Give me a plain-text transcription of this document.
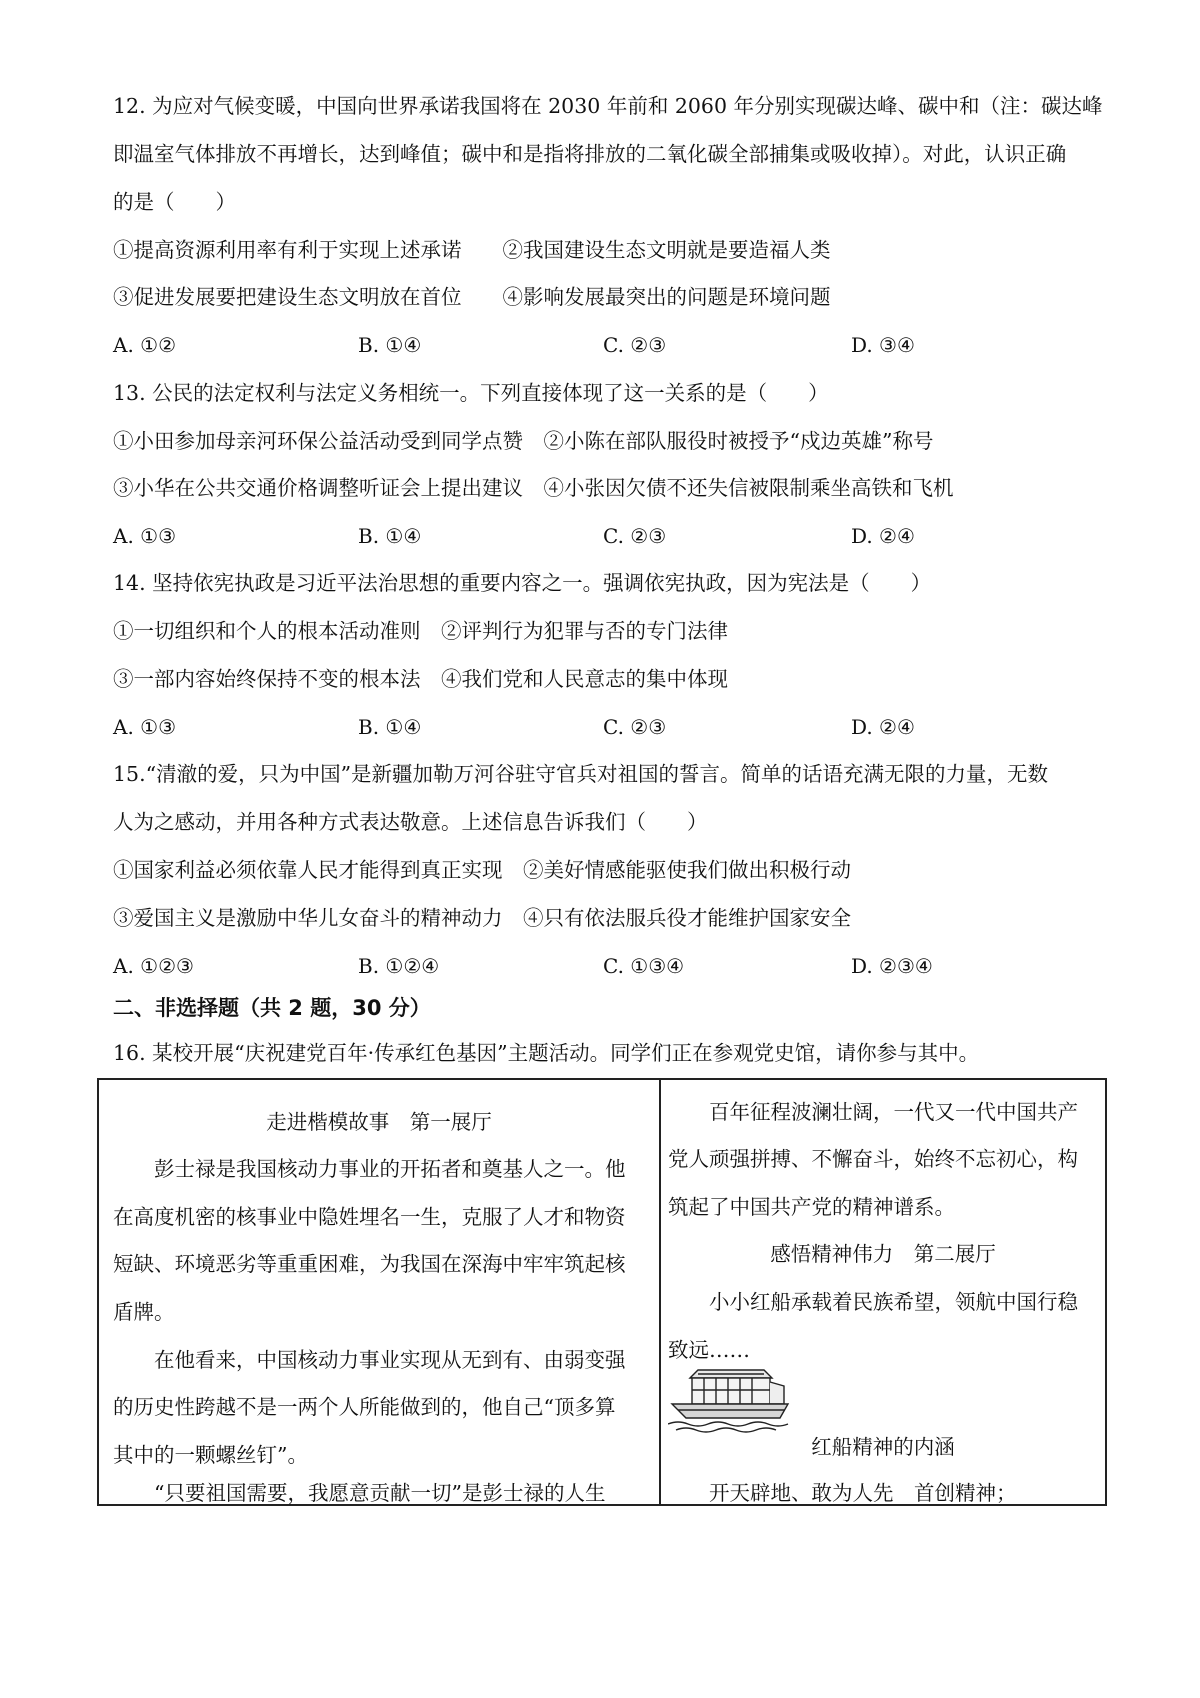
12. 为应对气候变暖，中国向世界承诺我国将在 2030 年前和 2060 年分别实现碳达峰、碳中和（注：碳达峰
即温室气体排放不再增长，达到峰值；碳中和是指将排放的二氧化碳全部捕集或吸收掉）。对此，认识正确
的是（　　）
①提高资源利用率有利于实现上述承诺　　②我国建设生态文明就是要造福人类
③促进发展要把建设生态文明放在首位　　④影响发展最突出的问题是环境问题
A. ①②	B. ①④	C. ②③	D. ③④
13. 公民的法定权利与法定义务相统一。下列直接体现了这一关系的是（　　）
①小田参加母亲河环保公益活动受到同学点赞　②小陈在部队服役时被授予“戍边英雄”称号
③小华在公共交通价格调整听证会上提出建议　④小张因欠债不还失信被限制乘坐高铁和飞机
A. ①③	B. ①④	C. ②③	D. ②④
14. 坚持依宪执政是习近平法治思想的重要内容之一。强调依宪执政，因为宪法是（　　）
①一切组织和个人的根本活动准则　②评判行为犯罪与否的专门法律
③一部内容始终保持不变的根本法　④我们党和人民意志的集中体现
A. ①③	B. ①④	C. ②③	D. ②④
15.“清澈的爱，只为中国”是新疆加勒万河谷驻守官兵对祖国的誓言。简单的话语充满无限的力量，无数
人为之感动，并用各种方式表达敬意。上述信息告诉我们（　　）
①国家利益必须依靠人民才能得到真正实现　②美好情感能驱使我们做出积极行动
③爱国主义是激励中华儿女奋斗的精神动力　④只有依法服兵役才能维护国家安全
A. ①②③	B. ①②④	C. ①③④	D. ②③④
二、非选择题（共 2 题，30 分）
16. 某校开展“庆祝建党百年·传承红色基因”主题活动。同学们正在参观党史馆，请你参与其中。
走进楷模故事　第一展厅
　　彭士禄是我国核动力事业的开拓者和奠基人之一。他
在高度机密的核事业中隐姓埋名一生，克服了人才和物资
短缺、环境恶劣等重重困难，为我国在深海中牢牢筑起核
盾牌。
　　在他看来，中国核动力事业实现从无到有、由弱变强
的历史性跨越不是一两个人所能做到的，他自己“顶多算
其中的一颗螺丝钉”。
　　“只要祖国需要，我愿意贡献一切”是彭士禄的人生
　　百年征程波澜壮阔，一代又一代中国共产
党人顽强拼搏、不懈奋斗，始终不忘初心，构
筑起了中国共产党的精神谱系。
感悟精神伟力　第二展厅
　　小小红船承载着民族希望，领航中国行稳
致远……
红船精神的内涵
　　开天辟地、敢为人先　首创精神；
